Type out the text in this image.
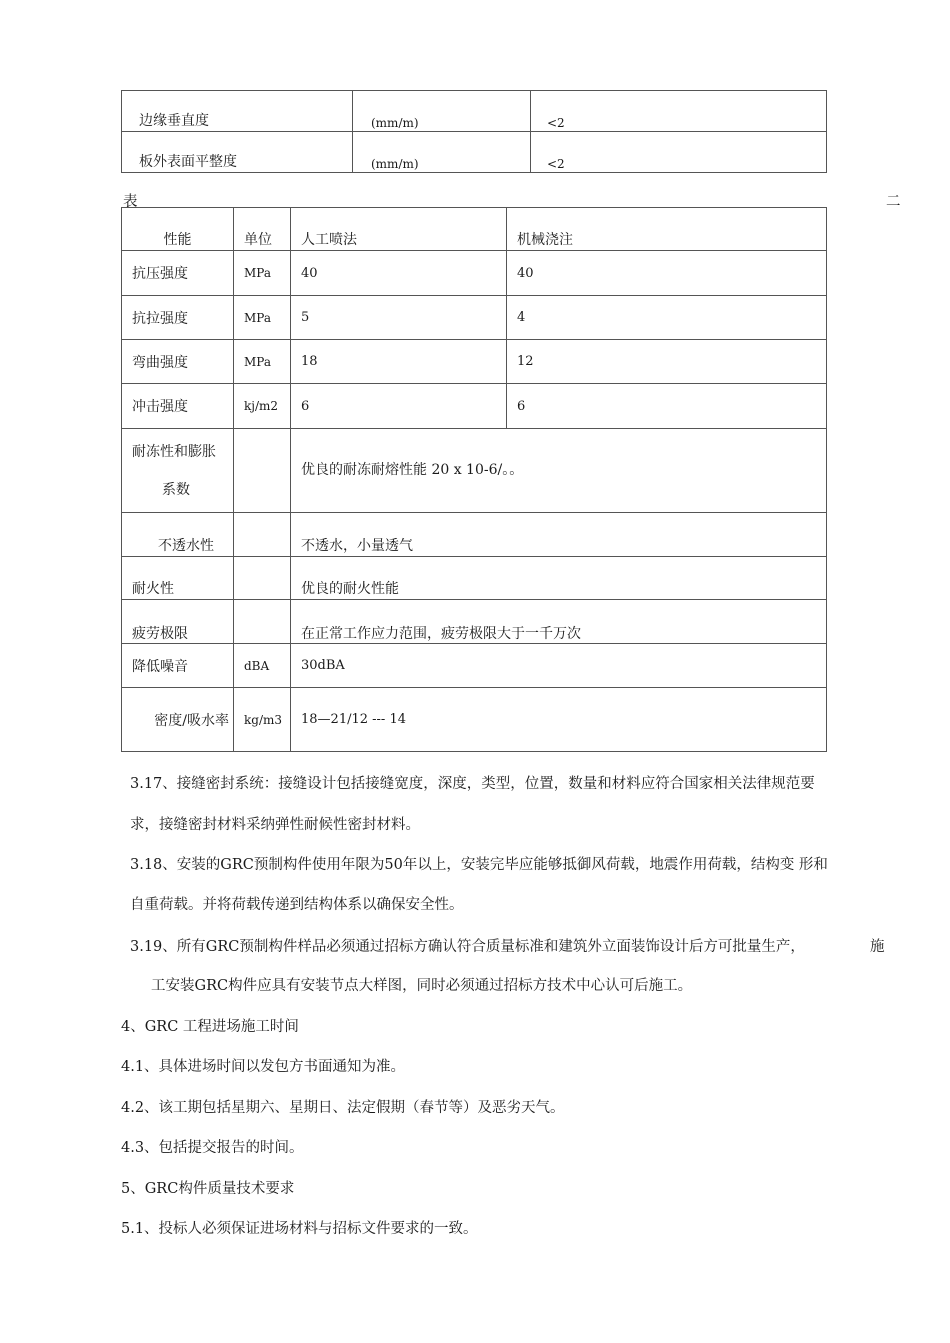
边缘垂直度	(mm/m)	<2

板外表面平整度	(mm/m)	<2
表	二
性能	单位	人工喷法	机械浇注
抗压强度	MPa	40	40
抗拉强度	MPa	5	4
弯曲强度	MPa	18	12
冲击强度	kj/m2	6	6

耐冻性和膨胀
系数		优良的耐冻耐熔性能 20 x 10-6/。。	
不透水性		不透水，小量透气	
耐火性		优良的耐火性能	
疲劳极限		在正常工作应力范围，疲劳极限大于一千万次	
降低噪音	dBA	30dBA	
密度/吸水率	kg/m3	18—21/12 --- 14	
3.17、接缝密封系统：接缝设计包括接缝宽度，深度，类型，位置，数量和材料应符合国家相关法律规范要
求，接缝密封材料采纳弹性耐候性密封材料。
3.18、安装的GRC预制构件使用年限为50年以上，安装完毕应能够抵御风荷载，地震作用荷载，结构变 形和
自重荷载。并将荷载传递到结构体系以确保安全性。
3.19、所有GRC预制构件样品必须通过招标方确认符合质量标准和建筑外立面装饰设计后方可批量生产，	施
工安装GRC构件应具有安装节点大样图，同时必须通过招标方技术中心认可后施工。
4、GRC 工程进场施工时间
4.1、具体进场时间以发包方书面通知为准。
4.2、该工期包括星期六、星期日、法定假期（春节等）及恶劣天气。
4.3、包括提交报告的时间。
5、GRC构件质量技术要求
5.1、投标人必须保证进场材料与招标文件要求的一致。
